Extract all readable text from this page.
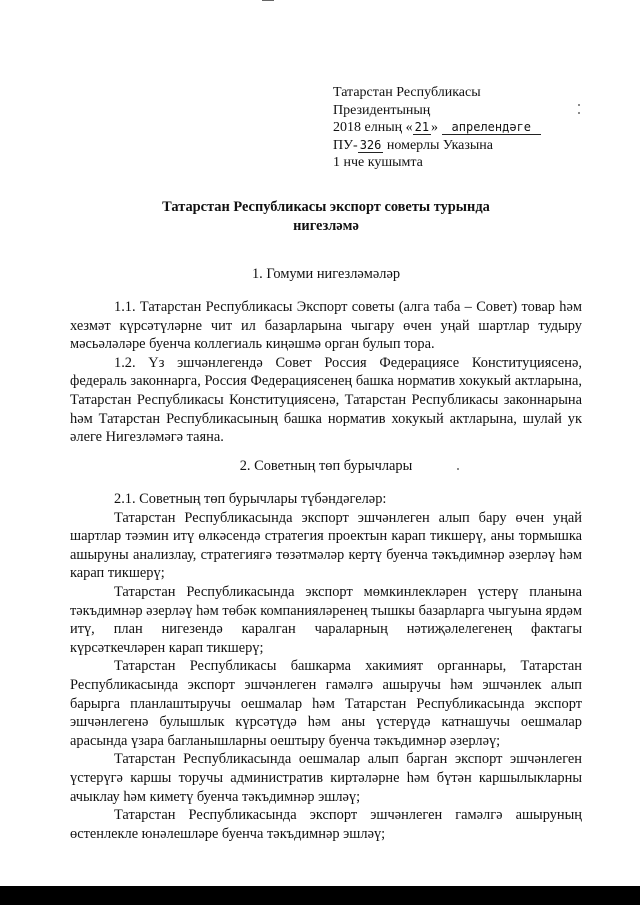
Татарстан Республикасы
Президентының
2018 елның « 21 » апрелендәге
ПУ- 326 номерлы Указына
1 нче кушымта
Татарстан Республикасы экспорт советы турында
нигезләмә
1. Гомуми нигезләмәләр

1.1. Татарстан Республикасы Экспорт советы (алга таба – Совет) товар һәм хезмәт күрсәтүләрне чит ил базарларына чыгару өчен уңай шартлар тудыру мәсьәләләре буенча коллегиаль киңәшмә орган булып тора.

1.2. Үз эшчәнлегендә Совет Россия Федерациясе Конституциясенә, федераль законнарга, Россия Федерациясенең башка норматив хокукый актларына, Татарстан Республикасы Конституциясенә, Татарстан Республикасы законнарына һәм Татарстан Республикасының башка норматив хокукый актларына, шулай ук әлеге Нигезләмәгә таяна.

2. Советның төп бурычлары

2.1. Советның төп бурычлары түбәндәгеләр:

Татарстан Республикасында экспорт эшчәнлеген алып бару өчен уңай шартлар тәэмин итү өлкәсендә стратегия проектын карап тикшерү, аны тормышка ашыруны анализлау, стратегиягә төзәтмәләр кертү буенча тәкъдимнәр әзерләү һәм карап тикшерү;

Татарстан Республикасында экспорт мөмкинлекләрен үстерү планына тәкъдимнәр әзерләү һәм төбәк компанияләренең тышкы базарларга чыгуына ярдәм итү, план нигезендә каралган чараларның нәтиҗәлелегенең фактагы күрсәткечләрен карап тикшерү;

Татарстан Республикасы башкарма хакимият органнары, Татарстан Республикасында экспорт эшчәнлеген гамәлгә ашыручы һәм эшчәнлек алып барырга планлаштыручы оешмалар һәм Татарстан Республикасында экспорт эшчәнлегенә булышлык күрсәтүдә һәм аны үстерүдә катнашучы оешмалар арасында үзара багланышларны оештыру буенча тәкъдимнәр әзерләү;

Татарстан Республикасында оешмалар алып барган экспорт эшчәнлеген үстерүгә каршы торучы административ киртәләрне һәм бүтән каршылыкларны ачыклау һәм киметү буенча тәкъдимнәр эшләү;

Татарстан Республикасында экспорт эшчәнлеген гамәлгә ашыруның өстенлекле юнәлешләре буенча тәкъдимнәр эшләү;
